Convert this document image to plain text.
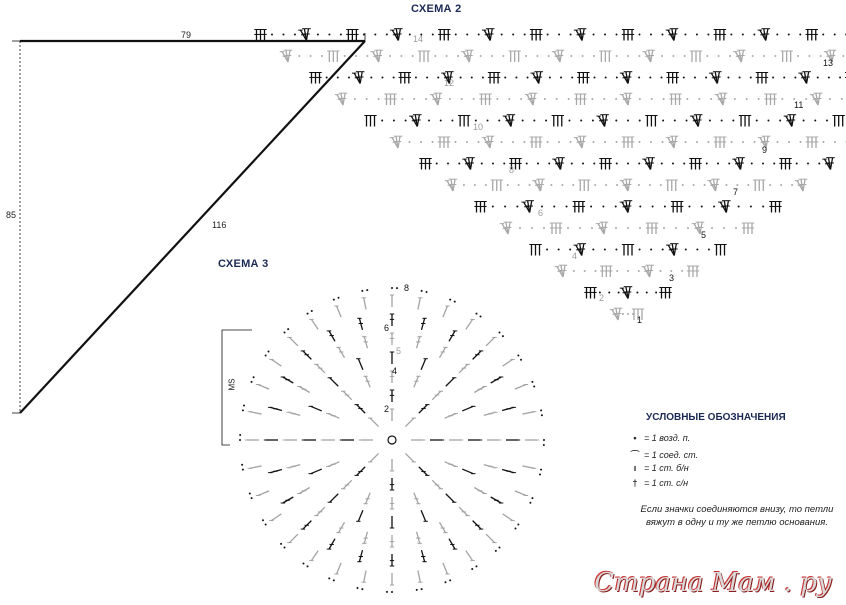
79
85
116
СХЕМА 2
СХЕМА 3
1
2
3
4
5
6
7
8
9
10
11
12
13
14
2
4
5
6
8
MS
УСЛОВНЫЕ ОБОЗНАЧЕНИЯ
• = 1 возд. п.
⌒ = 1 соед. ст.
ı = 1 ст. б/н
† = 1 ст. с/н
Если значки соединяются внизу, то петли вяжут в одну и ту же петлю основания.
Страна Мам . ру
